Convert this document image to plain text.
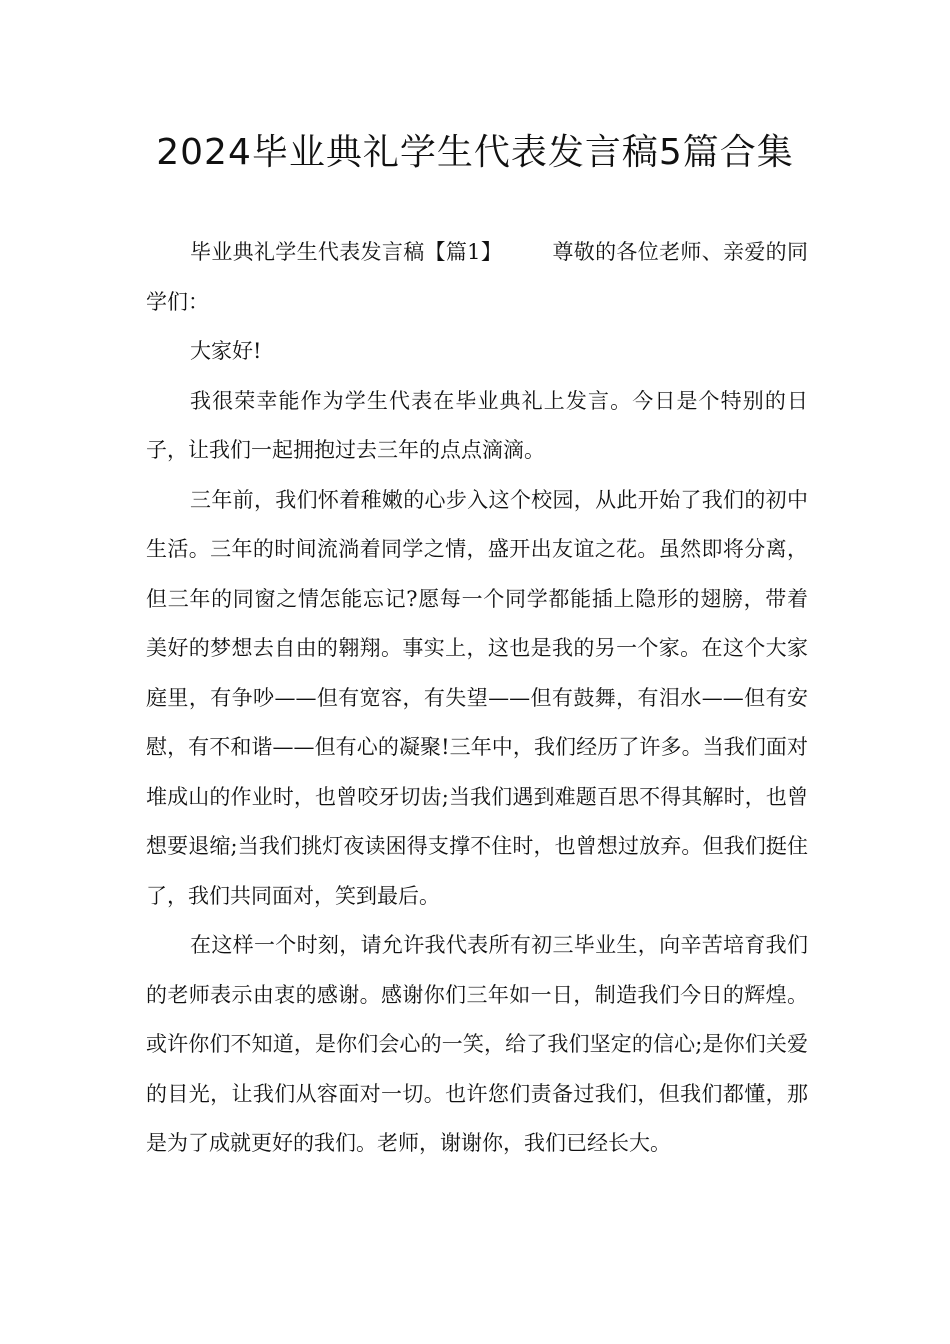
2024毕业典礼学生代表发言稿5篇合集

毕业典礼学生代表发言稿【篇1】 尊敬的各位老师、亲爱的同学们：

大家好!

我很荣幸能作为学生代表在毕业典礼上发言。今日是个特别的日子，让我们一起拥抱过去三年的点点滴滴。

三年前，我们怀着稚嫩的心步入这个校园，从此开始了我们的初中生活。三年的时间流淌着同学之情，盛开出友谊之花。虽然即将分离，但三年的同窗之情怎能忘记?愿每一个同学都能插上隐形的翅膀，带着美好的梦想去自由的翱翔。事实上，这也是我的另一个家。在这个大家庭里，有争吵——但有宽容，有失望——但有鼓舞，有泪水——但有安慰，有不和谐——但有心的凝聚!三年中，我们经历了许多。当我们面对堆成山的作业时，也曾咬牙切齿;当我们遇到难题百思不得其解时，也曾想要退缩;当我们挑灯夜读困得支撑不住时，也曾想过放弃。但我们挺住了，我们共同面对，笑到最后。

在这样一个时刻，请允许我代表所有初三毕业生，向辛苦培育我们的老师表示由衷的感谢。感谢你们三年如一日，制造我们今日的辉煌。或许你们不知道，是你们会心的一笑，给了我们坚定的信心;是你们关爱的目光，让我们从容面对一切。也许您们责备过我们，但我们都懂，那是为了成就更好的我们。老师，谢谢你，我们已经长大。
